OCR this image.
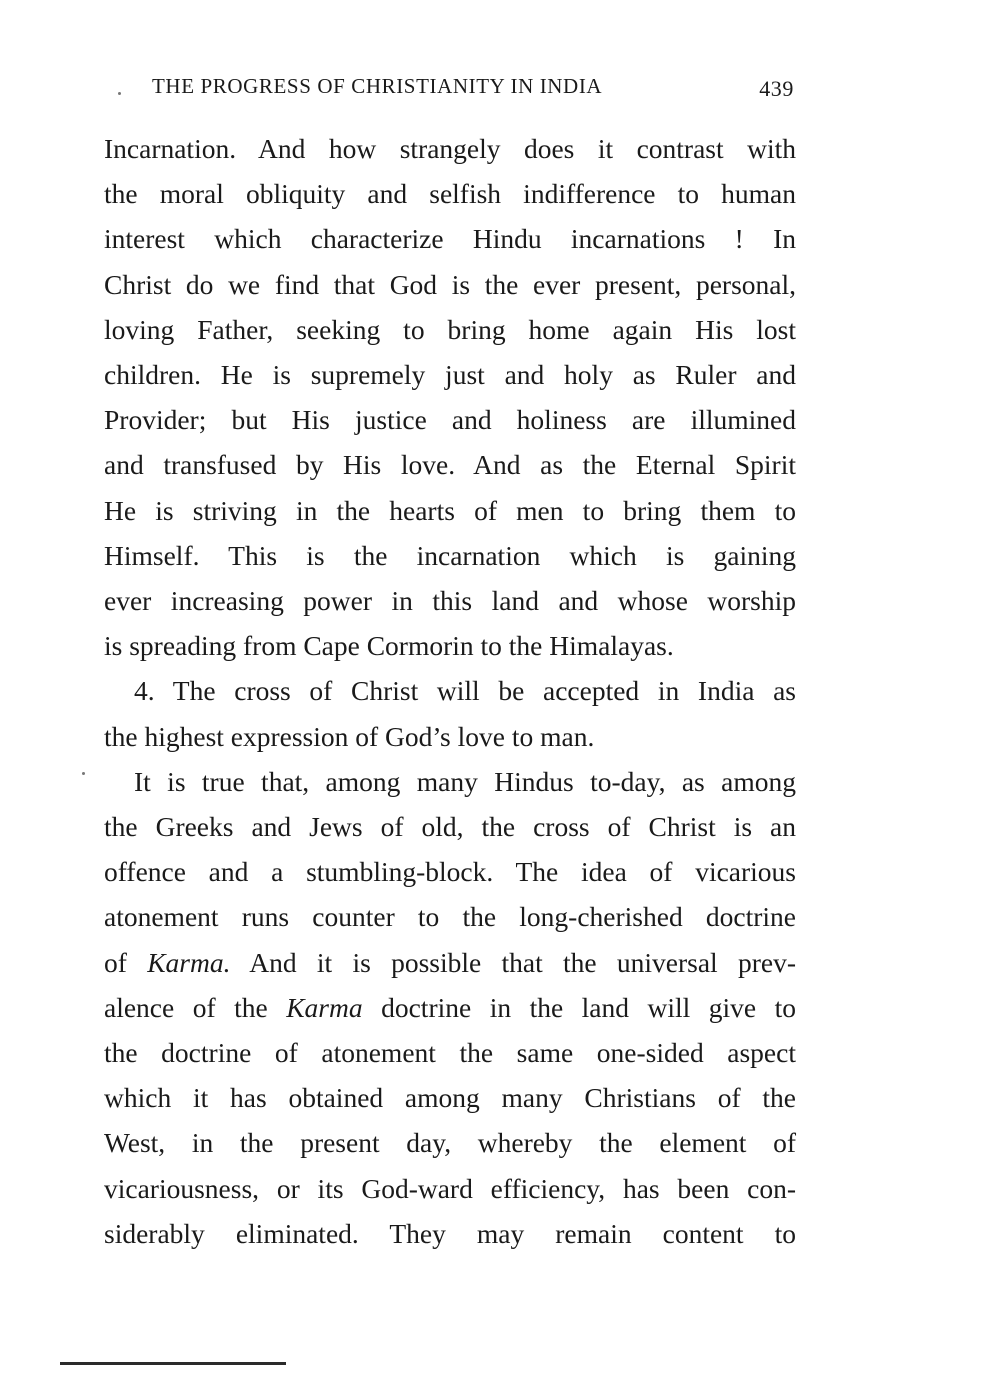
THE PROGRESS OF CHRISTIANITY IN INDIA	439

Incarnation. And how strangely does it contrast with

the moral obliquity and selfish indifference to human

interest which characterize Hindu incarnations ! In

Christ do we find that God is the ever present, personal,

loving Father, seeking to bring home again His lost

children. He is supremely just and holy as Ruler and

Provider; but His justice and holiness are illumined

and transfused by His love. And as the Eternal Spirit

He is striving in the hearts of men to bring them to

Himself. This is the incarnation which is gaining

ever increasing power in this land and whose worship

is spreading from Cape Cormorin to the Himalayas.

4. The cross of Christ will be accepted in India as

the highest expression of God’s love to man.

It is true that, among many Hindus to-day, as among

the Greeks and Jews of old, the cross of Christ is an

offence and a stumbling-block. The idea of vicarious

atonement runs counter to the long-cherished doctrine

of Karma. And it is possible that the universal prev-

alence of the Karma doctrine in the land will give to

the doctrine of atonement the same one-sided aspect

which it has obtained among many Christians of the

West, in the present day, whereby the element of

vicariousness, or its God-ward efficiency, has been con-

siderably eliminated. They may remain content to
